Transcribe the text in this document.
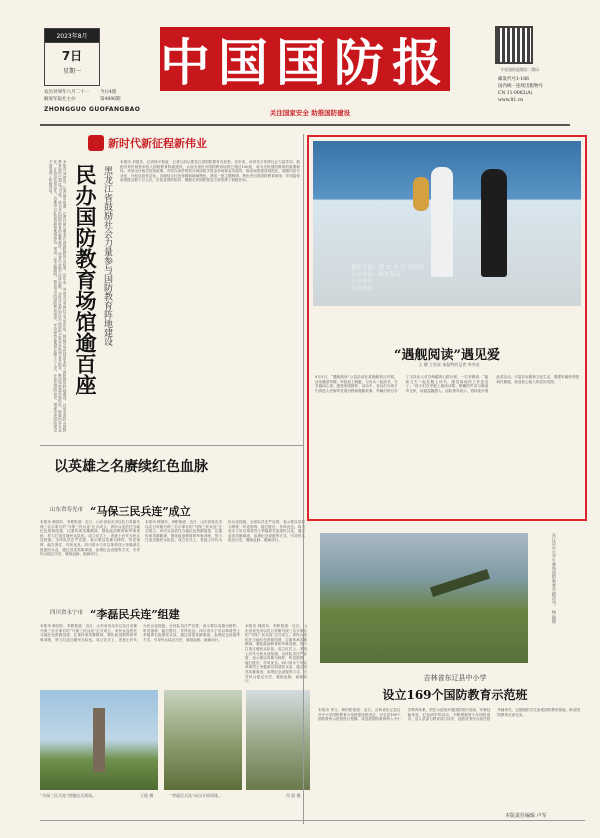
2023年8月
7日
星期一
农历癸卯年六月二十一	今日4版
解放军报社主办	第4886期
ZHONGGUO GUOFANGBAO
中国国防报
关注国家安全 助推国防建设
中国国防报微信二维码
邮发代号1-186
国内统一连续出版物号
CN 11-0062(A)
www.81.cn
新时代新征程新伟业
本报讯 刘国庆、记者徐平报道：记者日前从黑龙江省国防教育办获悉，近年来，该省充分发挥社会力量作用，鼓励引导民间资本投入国防教育阵地建设，目前全省民办国防教育场馆已超过100座，成为全民国防教育的重要载体。该省出台相关扶持政策，对符合条件的民办场馆给予资金补贴和业务指导，推动场馆建设规范化、展陈内容专业化、开放运营常态化。各地结合红色资源和地域特色，建成一批主题鲜明、特色突出的国防教育场馆，年均接待参观群众数十万人次，在普及国防知识、增强全民国防观念方面发挥了积极作用。 民办国防教育场馆逾百座 黑龙江省鼓励社会力量参与国防教育阵地建设
本报讯 刘国庆、记者徐平报道：记者日前从黑龙江省国防教育办获悉，近年来，该省充分发挥社会力量作用，鼓励引导民间资本投入国防教育阵地建设，目前全省民办国防教育场馆已超过100座，成为全民国防教育的重要载体。该省出台相关扶持政策，对符合条件的民办场馆给予资金补贴和业务指导，推动场馆建设规范化、展陈内容专业化、开放运营常态化。各地结合红色资源和地域特色，建成一批主题鲜明、特色突出的国防教育场馆，年均接待参观群众数十万人次，在普及国防知识、增强全民国防观念方面发挥了积极作用。
摄影导演：胡 安 伍 文 宣传部
主办单位：海军某部
主办单位：
承办单位：
“遇舰阅读”遇见爱
王 健 王若星 本报特约记者 李冬亮
8月5日，“遇舰阅读”公益活动在某舰艇营区开展。活动邀请军嫂、军娃登上舰艇，与官兵一起读书、分享阅读心得，感受家国情怀。活动中，官兵们为孩子们讲述人民海军发展历程和舰艇故事，军属们则分享了支持亲人戍守海疆的心路历程。一位军嫂说：“能和丈夫一起在舰上读书，感觉离他的工作更近了。”孩子们在甲板上朗读诗歌，稚嫩的声音与海浪声交织，场面温馨感人。部队领导表示，将持续开展此类活动，丰富官兵精神文化生活，增强军属荣誉感和归属感，营造拴心留人的良好氛围。
以英雄之名赓续红色血脉
山东省寿光市 “马保三民兵连”成立
本报讯 韩国东、李彬报道：近日，山东省寿光市以抗日英雄马保三名字命名的“马保三民兵连”正式成立。该民兵连依托当地红色资源组建，注重传承英雄精神，强化政治教育和军事训练，努力打造过硬民兵队伍。成立仪式上，老战士后代为民兵连授旗，全体队员庄严宣誓，表示要以英雄为榜样，听党指挥、能打胜仗、作风优良。四川省永宁市以革命烈士李磊命名组建民兵连，通过讲述英雄事迹、参观纪念设施等方式，引导民兵铭记历史、赓续血脉、砥砺前行。
四川省永宁市 “李磊民兵连”组建
本报讯 韩国东、李彬报道：近日，山东省寿光市以抗日英雄马保三名字命名的“马保三民兵连”正式成立。该民兵连依托当地红色资源组建，注重传承英雄精神，强化政治教育和军事训练，努力打造过硬民兵队伍。成立仪式上，老战士后代为民兵连授旗，全体队员庄严宣誓，表示要以英雄为榜样，听党指挥、能打胜仗、作风优良。四川省永宁市以革命烈士李磊命名组建民兵连，通过讲述英雄事迹、参观纪念设施等方式，引导民兵铭记历史、赓续血脉、砥砺前行。
本报讯 韩国东、李彬报道：近日，山东省寿光市以抗日英雄马保三名字命名的“马保三民兵连”正式成立。该民兵连依托当地红色资源组建，注重传承英雄精神，强化政治教育和军事训练，努力打造过硬民兵队伍。成立仪式上，老战士后代为民兵连授旗，全体队员庄严宣誓，表示要以英雄为榜样，听党指挥、能打胜仗、作风优良。四川省永宁市以革命烈士李磊命名组建民兵连，通过讲述英雄事迹、参观纪念设施等方式，引导民兵铭记历史、赓续血脉、砥砺前行。
本报讯 韩国东、李彬报道：近日，山东省寿光市以抗日英雄马保三名字命名的“马保三民兵连”正式成立。该民兵连依托当地红色资源组建，注重传承英雄精神，强化政治教育和军事训练，努力打造过硬民兵队伍。成立仪式上，老战士后代为民兵连授旗，全体队员庄严宣誓，表示要以英雄为榜样，听党指挥、能打胜仗、作风优良。四川省永宁市以革命烈士李磊命名组建民兵连，通过讲述英雄事迹、参观纪念设施等方式，引导民兵铭记历史、赓续血脉、砥砺前行。
“马保三民兵连”授旗仪式现场。	王俊 摄	“李磊民兵连”成员开展训练。	肖 阳 摄
东辽县中小学生参加国防教育实践活动。 杨 静摄
吉林省东辽县中小学
设立169个国防教育示范班
本报讯 李文、韩伯阳报道：近日，吉林省东辽县召开中小学国防教育示范班建设推进会，对全县169个国防教育示范班进行授牌。该县将国防教育纳入中小学教育体系，依托示范班开展国防知识讲座、军事技能体验、红色研学等活动，不断增强青少年国防意识。县人武部与教育部门协作，选派优秀民兵担任校外辅导员，定期组织学生参观国防教育基地，推动国防教育走深走实。
本版责任编辑 卢军
